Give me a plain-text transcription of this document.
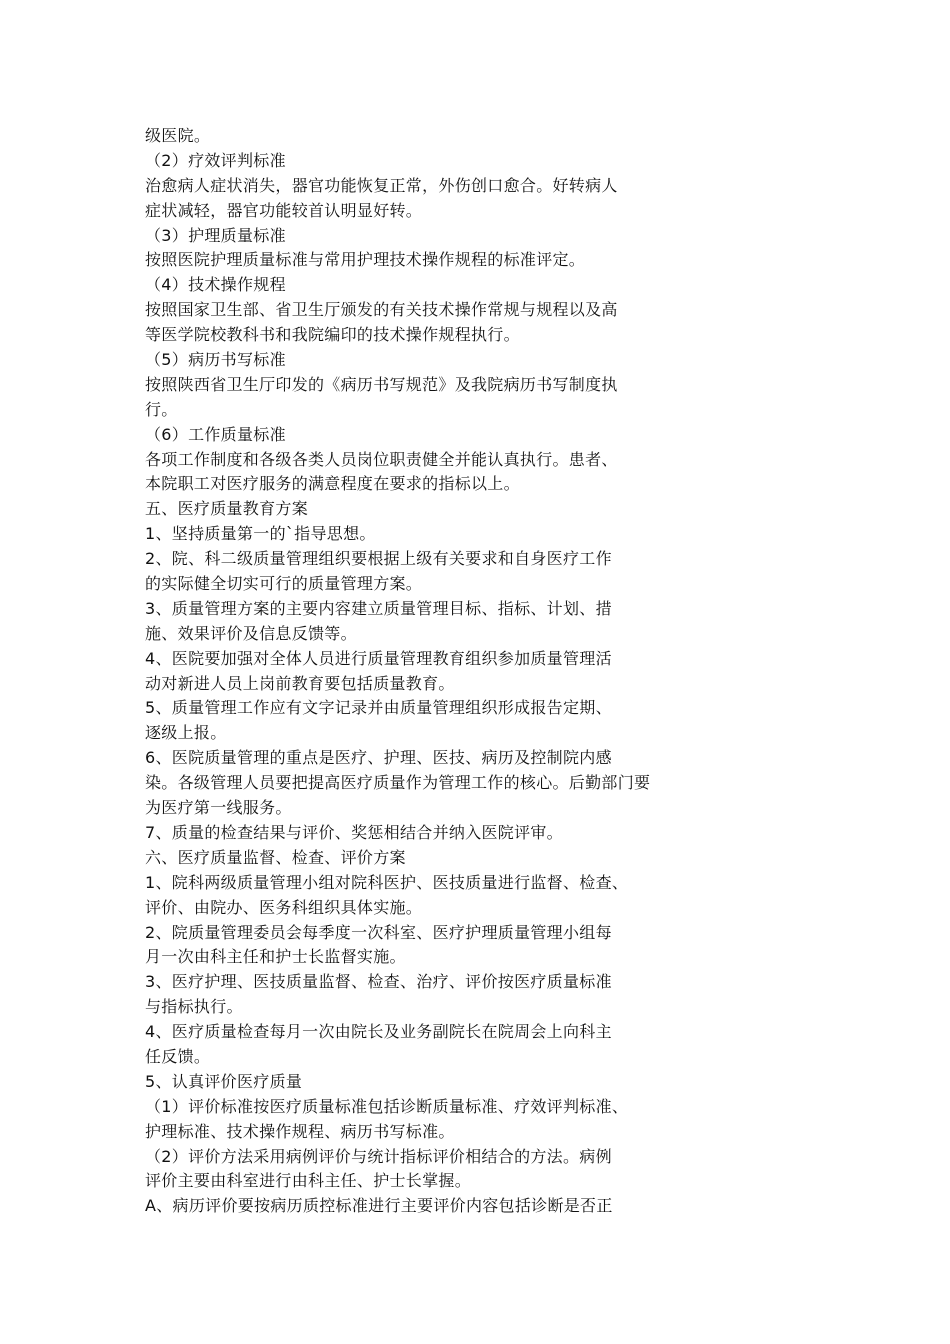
级医院。
（2）疗效评判标准
治愈病人症状消失，器官功能恢复正常，外伤创口愈合。好转病人
症状减轻，器官功能较首认明显好转。
（3）护理质量标准
按照医院护理质量标准与常用护理技术操作规程的标准评定。
（4）技术操作规程
按照国家卫生部、省卫生厅颁发的有关技术操作常规与规程以及高
等医学院校教科书和我院编印的技术操作规程执行。
（5）病历书写标准
按照陕西省卫生厅印发的《病历书写规范》及我院病历书写制度执
行。
（6）工作质量标准
各项工作制度和各级各类人员岗位职责健全并能认真执行。患者、
本院职工对医疗服务的满意程度在要求的指标以上。
五、医疗质量教育方案
1、坚持质量第一的`指导思想。
2、院、科二级质量管理组织要根据上级有关要求和自身医疗工作
的实际健全切实可行的质量管理方案。
3、质量管理方案的主要内容建立质量管理目标、指标、计划、措
施、效果评价及信息反馈等。
4、医院要加强对全体人员进行质量管理教育组织参加质量管理活
动对新进人员上岗前教育要包括质量教育。
5、质量管理工作应有文字记录并由质量管理组织形成报告定期、
逐级上报。
6、医院质量管理的重点是医疗、护理、医技、病历及控制院内感
染。各级管理人员要把提高医疗质量作为管理工作的核心。后勤部门要
为医疗第一线服务。
7、质量的检查结果与评价、奖惩相结合并纳入医院评审。
六、医疗质量监督、检查、评价方案
1、院科两级质量管理小组对院科医护、医技质量进行监督、检查、
评价、由院办、医务科组织具体实施。
2、院质量管理委员会每季度一次科室、医疗护理质量管理小组每
月一次由科主任和护士长监督实施。
3、医疗护理、医技质量监督、检查、治疗、评价按医疗质量标准
与指标执行。
4、医疗质量检查每月一次由院长及业务副院长在院周会上向科主
任反馈。
5、认真评价医疗质量
（1）评价标准按医疗质量标准包括诊断质量标准、疗效评判标准、
护理标准、技术操作规程、病历书写标准。
（2）评价方法采用病例评价与统计指标评价相结合的方法。病例
评价主要由科室进行由科主任、护士长掌握。
A、病历评价要按病历质控标准进行主要评价内容包括诊断是否正
